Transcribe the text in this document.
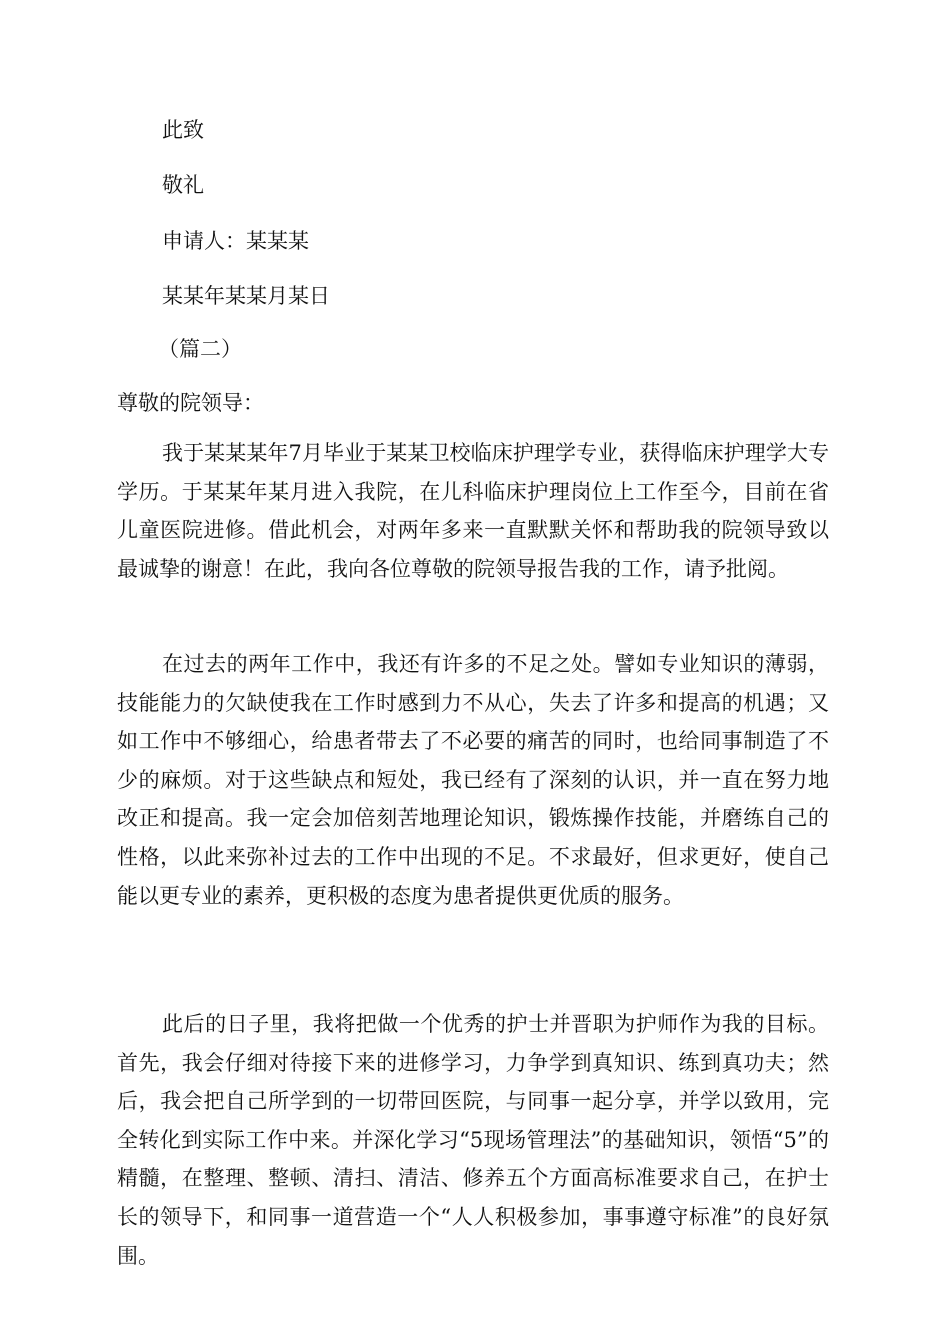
此致
敬礼
申请人：某某某
某某年某某月某日
（篇二）
尊敬的院领导：

我于某某某年7月毕业于某某卫校临床护理学专业，获得临床护理学大专学历。于某某年某月进入我院，在儿科临床护理岗位上工作至今，目前在省儿童医院进修。借此机会，对两年多来一直默默关怀和帮助我的院领导致以最诚挚的谢意！在此，我向各位尊敬的院领导报告我的工作，请予批阅。

在过去的两年工作中，我还有许多的不足之处。譬如专业知识的薄弱，技能能力的欠缺使我在工作时感到力不从心，失去了许多和提高的机遇；又如工作中不够细心，给患者带去了不必要的痛苦的同时，也给同事制造了不少的麻烦。对于这些缺点和短处，我已经有了深刻的认识，并一直在努力地改正和提高。我一定会加倍刻苦地理论知识，锻炼操作技能，并磨练自己的性格，以此来弥补过去的工作中出现的不足。不求最好，但求更好，使自己能以更专业的素养，更积极的态度为患者提供更优质的服务。

此后的日子里，我将把做一个优秀的护士并晋职为护师作为我的目标。首先，我会仔细对待接下来的进修学习，力争学到真知识、练到真功夫；然后，我会把自己所学到的一切带回医院，与同事一起分享，并学以致用，完全转化到实际工作中来。并深化学习“5现场管理法”的基础知识，领悟“5”的精髓，在整理、整顿、清扫、清洁、修养五个方面高标准要求自己，在护士长的领导下，和同事一道营造一个“人人积极参加，事事遵守标准”的良好氛围。
